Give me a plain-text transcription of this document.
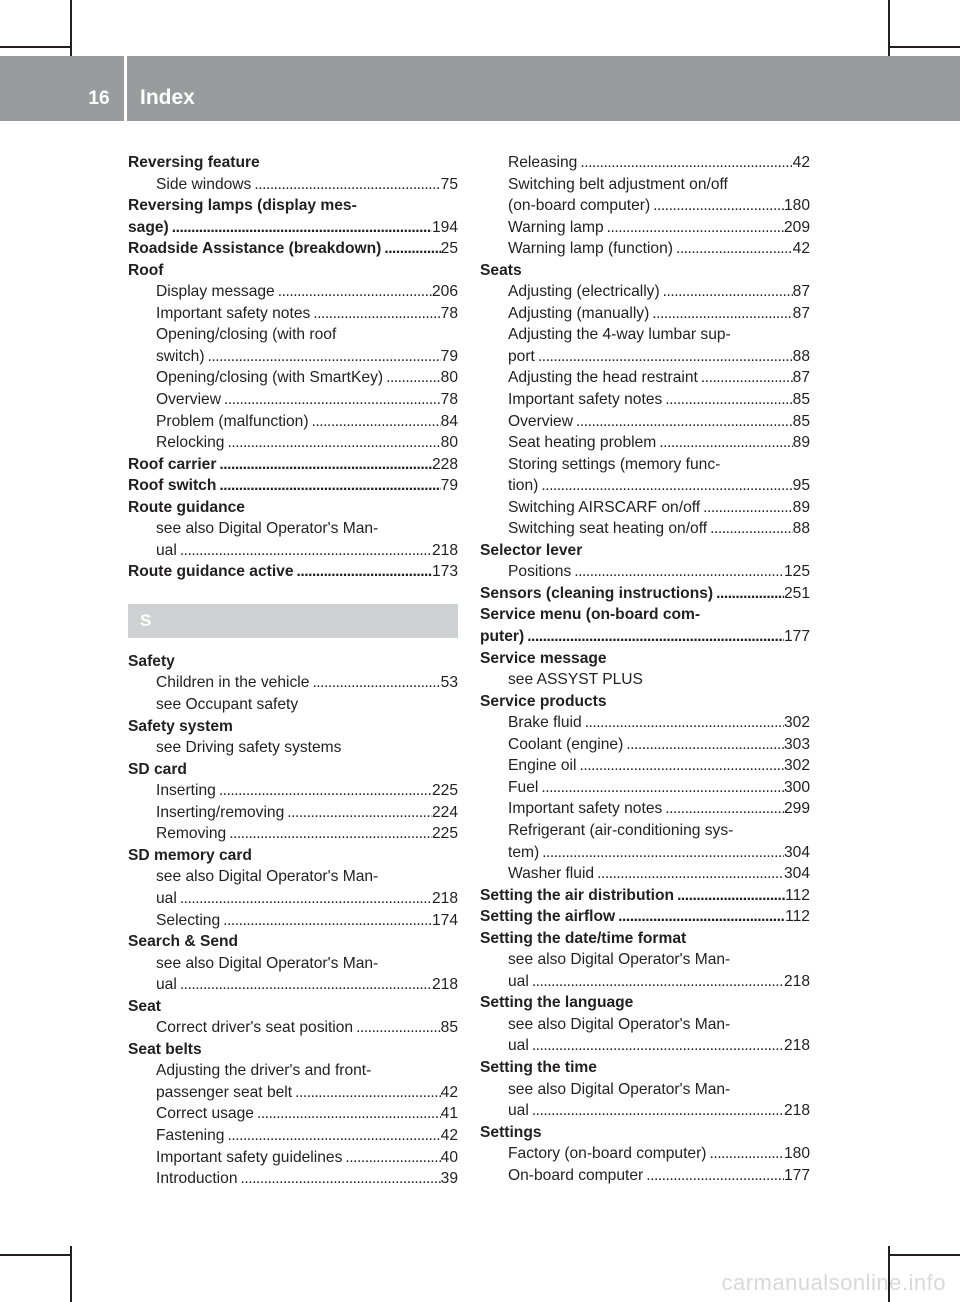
16	Index
Reversing feature
Side windows . . .	75
Reversing lamps (display mes-
sage) . . .	194
Roadside Assistance (breakdown) . . .	25
Roof
Display message . . .	206
Important safety notes . . .	78
Opening/closing (with roof
switch) . . .	79
Opening/closing (with SmartKey) . . .	80
Overview . . .	78
Problem (malfunction) . . .	84
Relocking . . .	80
Roof carrier . . .	228
Roof switch . . .	79
Route guidance
see also Digital Operator's Man-
ual . . .	218
Route guidance active . . .	173
S
Safety
Children in the vehicle . . .	53
see Occupant safety
Safety system
see Driving safety systems
SD card
Inserting . . .	225
Inserting/removing . . .	224
Removing . . .	225
SD memory card
see also Digital Operator's Man-
ual . . .	218
Selecting . . .	174
Search & Send
see also Digital Operator's Man-
ual . . .	218
Seat
Correct driver's seat position . . .	85
Seat belts
Adjusting the driver's and front-
passenger seat belt . . .	42
Correct usage . . .	41
Fastening . . .	42
Important safety guidelines . . .	40
Introduction . . .	39
Releasing . . .	42
Switching belt adjustment on/off
(on-board computer) . . .	180
Warning lamp . . .	209
Warning lamp (function) . . .	42
Seats
Adjusting (electrically) . . .	87
Adjusting (manually) . . .	87
Adjusting the 4-way lumbar sup-
port . . .	88
Adjusting the head restraint . . .	87
Important safety notes . . .	85
Overview . . .	85
Seat heating problem . . .	89
Storing settings (memory func-
tion) . . .	95
Switching AIRSCARF on/off . . .	89
Switching seat heating on/off . . .	88
Selector lever
Positions . . .	125
Sensors (cleaning instructions) . . .	251
Service menu (on-board com-
puter) . . .	177
Service message
see ASSYST PLUS
Service products
Brake fluid . . .	302
Coolant (engine) . . .	303
Engine oil . . .	302
Fuel . . .	300
Important safety notes . . .	299
Refrigerant (air-conditioning sys-
tem) . . .	304
Washer fluid . . .	304
Setting the air distribution . . .	112
Setting the airflow . . .	112
Setting the date/time format
see also Digital Operator's Man-
ual . . .	218
Setting the language
see also Digital Operator's Man-
ual . . .	218
Setting the time
see also Digital Operator's Man-
ual . . .	218
Settings
Factory (on-board computer) . . .	180
On-board computer . . .	177
carmanualsonline.info
